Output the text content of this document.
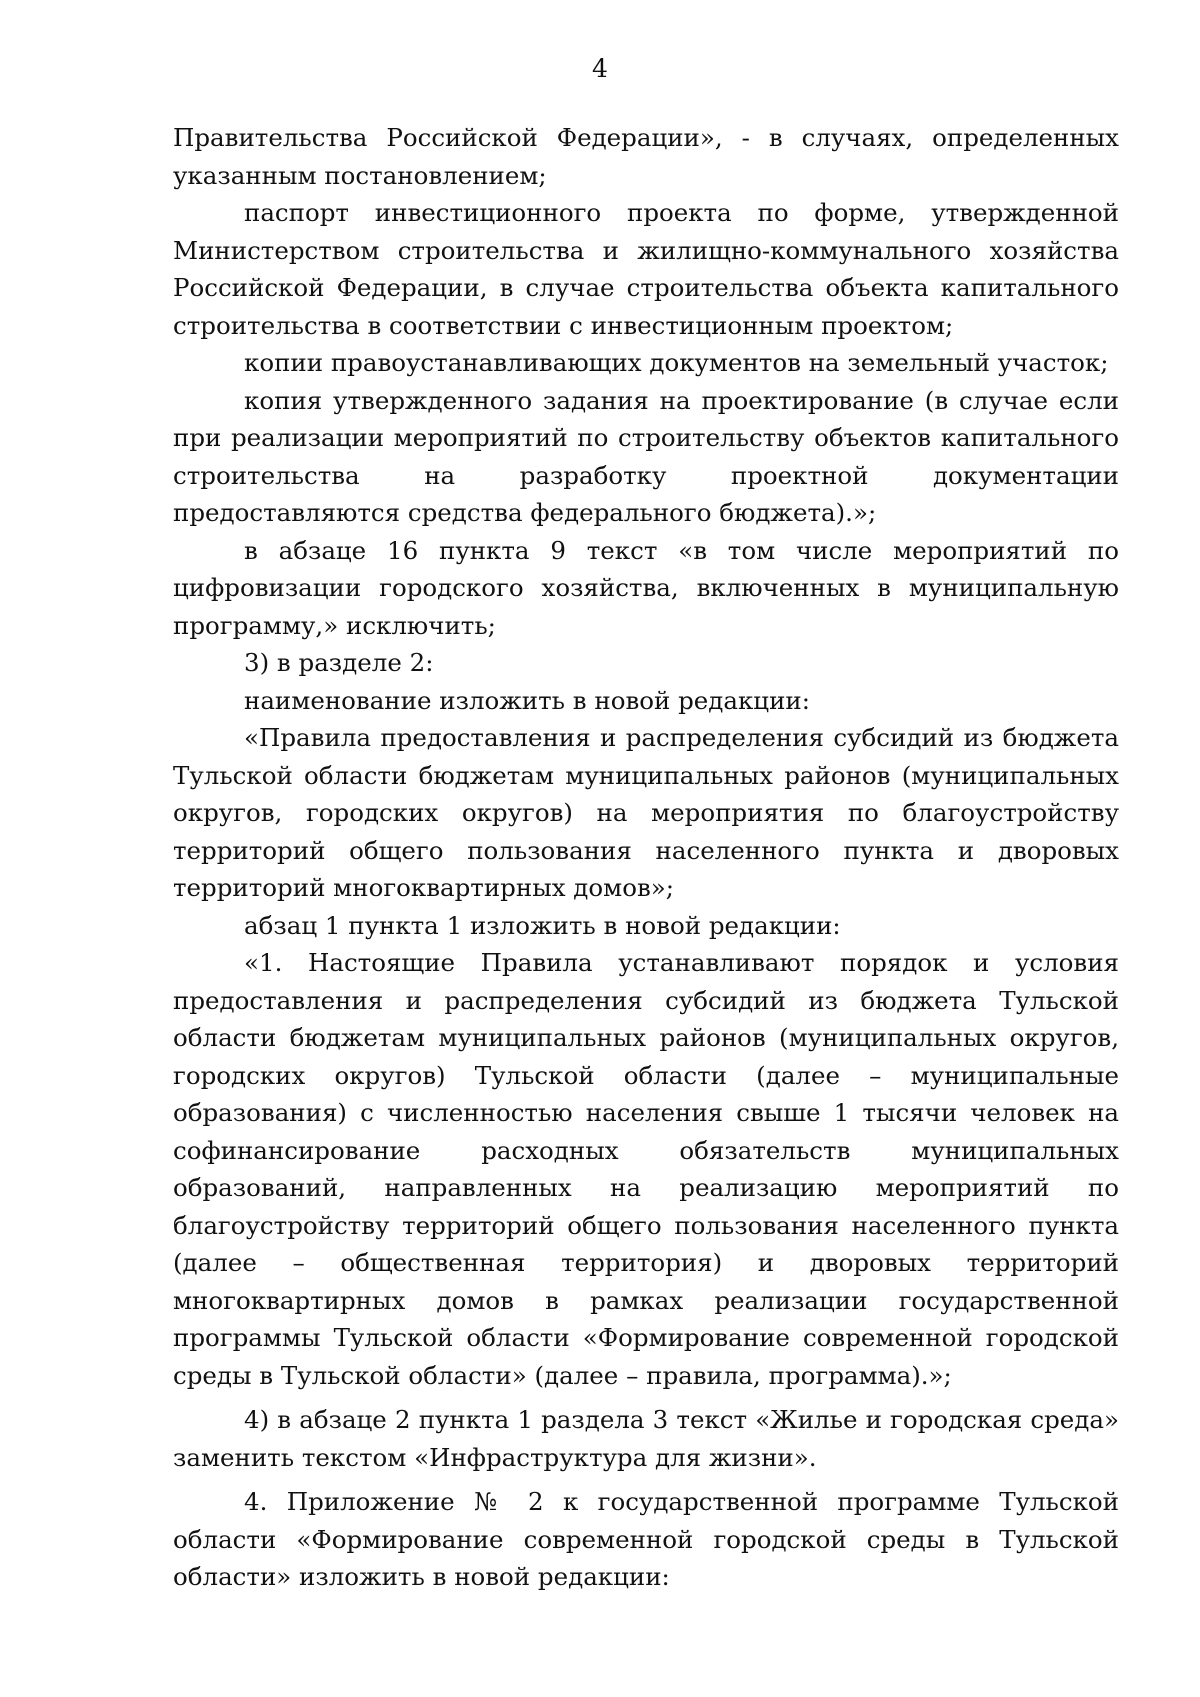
4

Правительства Российской Федерации», - в случаях, определенных указанным постановлением;

паспорт инвестиционного проекта по форме, утвержденной Министерством строительства и жилищно-коммунального хозяйства Российской Федерации, в случае строительства объекта капитального строительства в соответствии с инвестиционным проектом;

копии правоустанавливающих документов на земельный участок;

копия утвержденного задания на проектирование (в случае если при реализации мероприятий по строительству объектов капитального строительства на разработку проектной документации предоставляются средства федерального бюджета).»;

в абзаце 16 пункта 9 текст «в том числе мероприятий по цифровизации городского хозяйства, включенных в муниципальную программу,» исключить;

3) в разделе 2:

наименование изложить в новой редакции:

«Правила предоставления и распределения субсидий из бюджета Тульской области бюджетам муниципальных районов (муниципальных округов, городских округов) на мероприятия по благоустройству территорий общего пользования населенного пункта и дворовых территорий многоквартирных домов»;

абзац 1 пункта 1 изложить в новой редакции:

«1. Настоящие Правила устанавливают порядок и условия предоставления и распределения субсидий из бюджета Тульской области бюджетам муниципальных районов (муниципальных округов, городских округов) Тульской области (далее – муниципальные образования) с численностью населения свыше 1 тысячи человек на софинансирование расходных обязательств муниципальных образований, направленных на реализацию мероприятий по благоустройству территорий общего пользования населенного пункта (далее – общественная территория) и дворовых территорий многоквартирных домов в рамках реализации государственной программы Тульской области «Формирование современной городской среды в Тульской области» (далее – правила, программа).»;

4) в абзаце 2 пункта 1 раздела 3 текст «Жилье и городская среда» заменить текстом «Инфраструктура для жизни».

4. Приложение № 2 к государственной программе Тульской области «Формирование современной городской среды в Тульской области» изложить в новой редакции:
